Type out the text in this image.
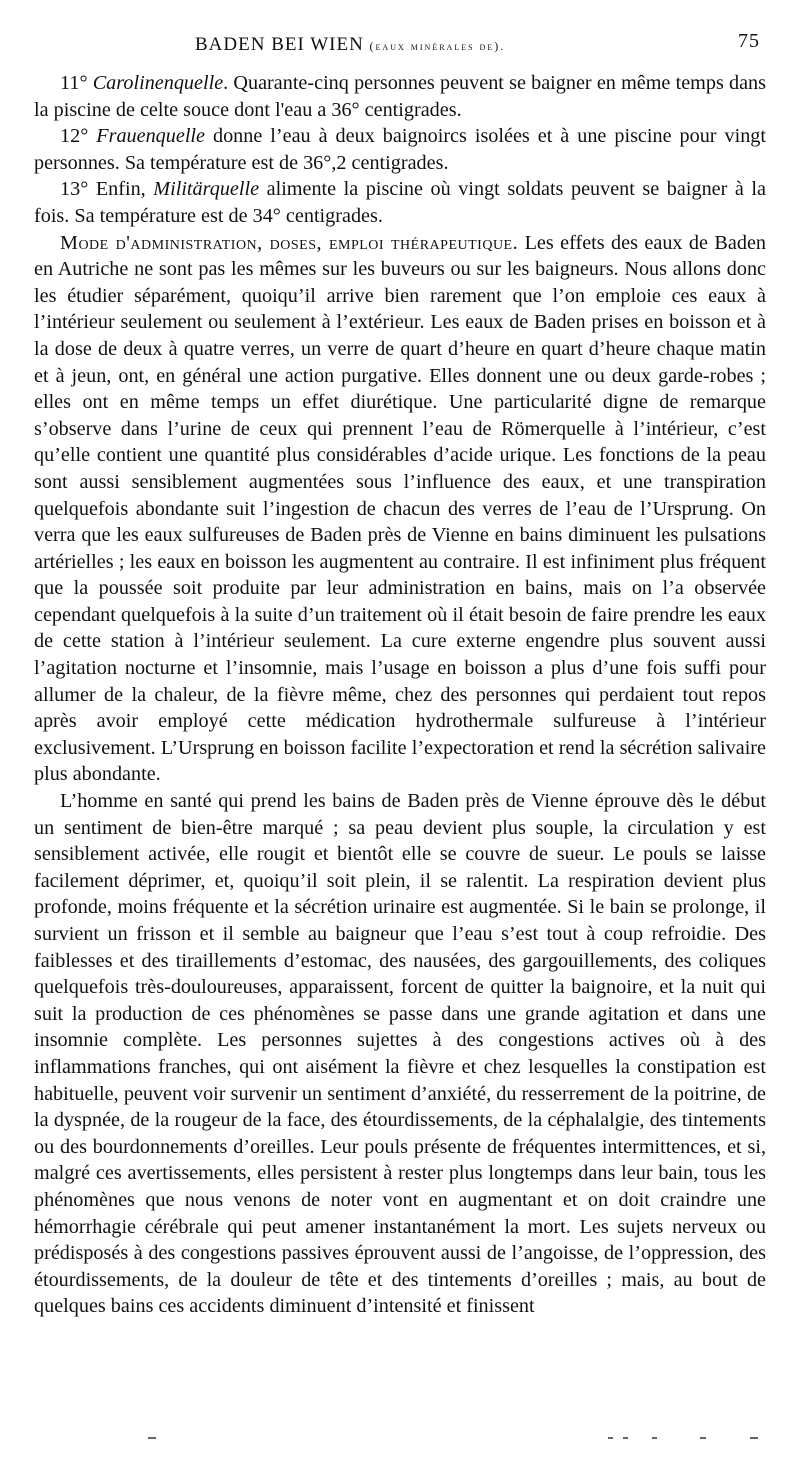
BADEN BEI WIEN (eaux minérales de).	75

11° Carolinenquelle. Quarante-cinq personnes peuvent se baigner en même temps dans la piscine de celte souce dont l'eau a 36° centigrades.

12° Frauenquelle donne l’eau à deux baignoircs isolées et à une piscine pour vingt personnes. Sa température est de 36°,2 centigrades.

13° Enfin, Militärquelle alimente la piscine où vingt soldats peuvent se baigner à la fois. Sa température est de 34° centigrades.

Mode d'administration, doses, emploi thérapeutique. Les effets des eaux de Baden en Autriche ne sont pas les mêmes sur les buveurs ou sur les baigneurs. Nous allons donc les étudier séparément, quoiqu’il arrive bien rarement que l’on emploie ces eaux à l’intérieur seulement ou seulement à l’extérieur. Les eaux de Baden prises en boisson et à la dose de deux à quatre verres, un verre de quart d’heure en quart d’heure chaque matin et à jeun, ont, en général une action purgative. Elles donnent une ou deux garde-robes ; elles ont en même temps un effet diurétique. Une particularité digne de remarque s’observe dans l’urine de ceux qui prennent l’eau de Römerquelle à l’intérieur, c’est qu’elle contient une quantité plus considérables d’acide urique. Les fonctions de la peau sont aussi sensiblement augmentées sous l’influence des eaux, et une transpiration quelquefois abondante suit l’ingestion de chacun des verres de l’eau de l’Ursprung. On verra que les eaux sulfureuses de Baden près de Vienne en bains diminuent les pulsations artérielles ; les eaux en boisson les augmentent au contraire. Il est infiniment plus fréquent que la poussée soit produite par leur administration en bains, mais on l’a observée cependant quelquefois à la suite d’un traitement où il était besoin de faire prendre les eaux de cette station à l’intérieur seulement. La cure externe engendre plus souvent aussi l’agitation nocturne et l’insomnie, mais l’usage en boisson a plus d’une fois suffi pour allumer de la chaleur, de la fièvre même, chez des personnes qui perdaient tout repos après avoir employé cette médication hydrothermale sulfureuse à l’intérieur exclusivement. L’Ursprung en boisson facilite l’expectoration et rend la sécrétion salivaire plus abondante.

L’homme en santé qui prend les bains de Baden près de Vienne éprouve dès le début un sentiment de bien-être marqué ; sa peau devient plus souple, la circulation y est sensiblement activée, elle rougit et bientôt elle se couvre de sueur. Le pouls se laisse facilement déprimer, et, quoiqu’il soit plein, il se ralentit. La respiration devient plus profonde, moins fréquente et la sécrétion urinaire est augmentée. Si le bain se prolonge, il survient un frisson et il semble au baigneur que l’eau s’est tout à coup refroidie. Des faiblesses et des tiraillements d’estomac, des nausées, des gargouillements, des coliques quelquefois très-douloureuses, apparaissent, forcent de quitter la baignoire, et la nuit qui suit la production de ces phénomènes se passe dans une grande agitation et dans une insomnie complète. Les personnes sujettes à des congestions actives où à des inflammations franches, qui ont aisément la fièvre et chez lesquelles la constipation est habituelle, peuvent voir survenir un sentiment d’anxiété, du resserrement de la poitrine, de la dyspnée, de la rougeur de la face, des étourdissements, de la céphalalgie, des tintements ou des bourdonnements d’oreilles. Leur pouls présente de fréquentes intermittences, et si, malgré ces avertissements, elles persistent à rester plus longtemps dans leur bain, tous les phénomènes que nous venons de noter vont en augmentant et on doit craindre une hémorrhagie cérébrale qui peut amener instantanément la mort. Les sujets nerveux ou prédisposés à des congestions passives éprouvent aussi de l’angoisse, de l’oppression, des étourdissements, de la douleur de tête et des tintements d’oreilles ; mais, au bout de quelques bains ces accidents diminuent d’intensité et finissent
